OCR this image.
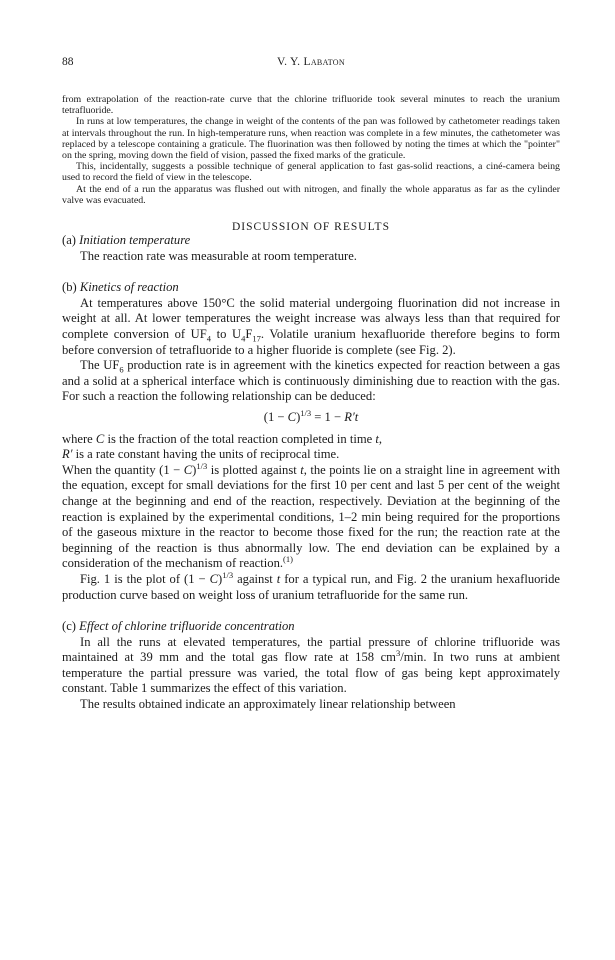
88	V. Y. Labaton

from extrapolation of the reaction-rate curve that the chlorine trifluoride took several minutes to reach the uranium tetrafluoride.

In runs at low temperatures, the change in weight of the contents of the pan was followed by cathetometer readings taken at intervals throughout the run. In high-temperature runs, when reaction was complete in a few minutes, the cathetometer was replaced by a telescope containing a graticule. The fluorination was then followed by noting the times at which the "pointer" on the spring, moving down the field of vision, passed the fixed marks of the graticule.

This, incidentally, suggests a possible technique of general application to fast gas-solid reactions, a ciné-camera being used to record the field of view in the telescope.

At the end of a run the apparatus was flushed out with nitrogen, and finally the whole apparatus as far as the cylinder valve was evacuated.

DISCUSSION OF RESULTS

(a) Initiation temperature

The reaction rate was measurable at room temperature.

(b) Kinetics of reaction

At temperatures above 150°C the solid material undergoing fluorination did not increase in weight at all. At lower temperatures the weight increase was always less than that required for complete conversion of $UF_4$ to $U_4F_{17}$. Volatile uranium hexafluoride therefore begins to form before conversion of tetrafluoride to a higher fluoride is complete (see Fig. 2).

The $UF_6$ production rate is in agreement with the kinetics expected for reaction between a gas and a solid at a spherical interface which is continuously diminishing due to reaction with the gas. For such a reaction the following relationship can be deduced:

$(1 - C)^{1/3} = 1 - R't$

where C is the fraction of the total reaction completed in time t,

R′ is a rate constant having the units of reciprocal time.

When the quantity $(1 - C)^{1/3}$ is plotted against t, the points lie on a straight line in agreement with the equation, except for small deviations for the first 10 per cent and last 5 per cent of the weight change at the beginning and end of the reaction, respectively. Deviation at the beginning of the reaction is explained by the experimental conditions, 1–2 min being required for the proportions of the gaseous mixture in the reactor to become those fixed for the run; the reaction rate at the beginning of the reaction is thus abnormally low. The end deviation can be explained by a consideration of the mechanism of reaction.$^{(1)}$

Fig. 1 is the plot of $(1 - C)^{1/3}$ against t for a typical run, and Fig. 2 the uranium hexafluoride production curve based on weight loss of uranium tetrafluoride for the same run.

(c) Effect of chlorine trifluoride concentration

In all the runs at elevated temperatures, the partial pressure of chlorine trifluoride was maintained at 39 mm and the total gas flow rate at 158 $cm^3/\min$. In two runs at ambient temperature the partial pressure was varied, the total flow of gas being kept approximately constant. Table 1 summarizes the effect of this variation.

The results obtained indicate an approximately linear relationship between
